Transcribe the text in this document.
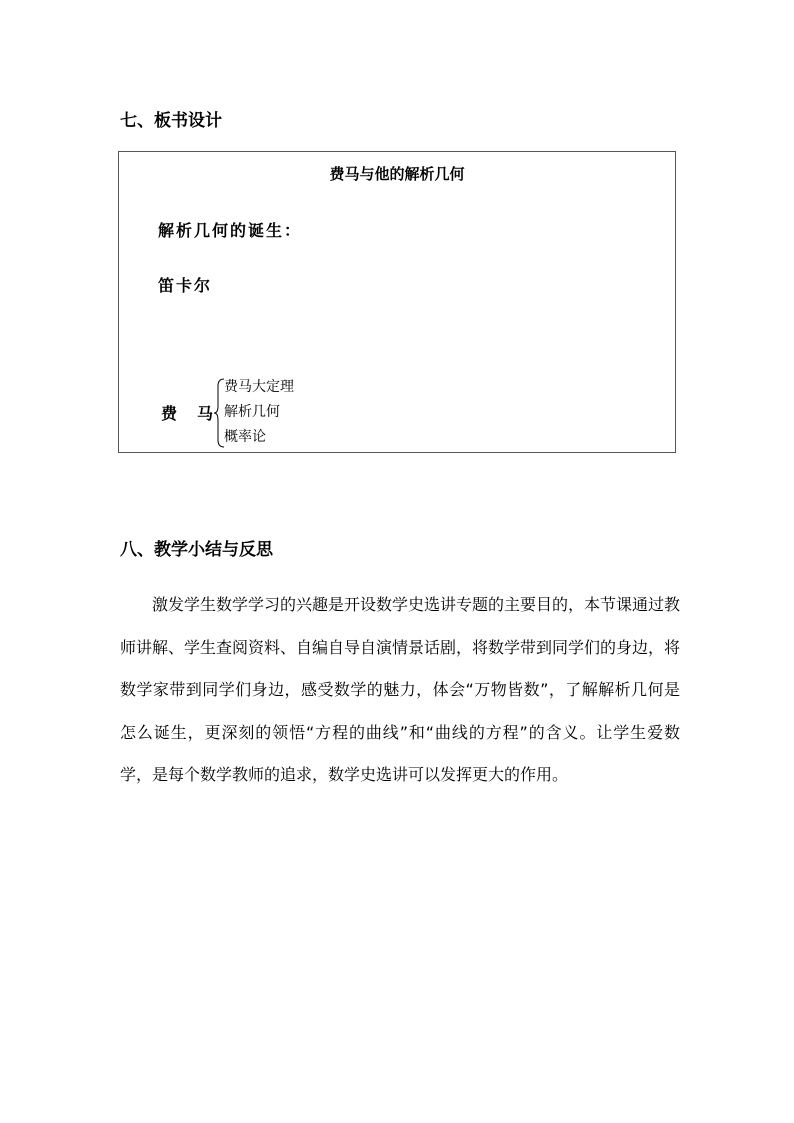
七、板书设计
费马与他的解析几何
解析几何的诞生：
笛卡尔
费 马
费马大定理
解析几何
概率论
八、教学小结与反思

激发学生数学学习的兴趣是开设数学史选讲专题的主要目的，本节课通过教师讲解、学生查阅资料、自编自导自演情景话剧，将数学带到同学们的身边，将数学家带到同学们身边，感受数学的魅力，体会“万物皆数”，了解解析几何是怎么诞生，更深刻的领悟“方程的曲线”和“曲线的方程”的含义。让学生爱数学，是每个数学教师的追求，数学史选讲可以发挥更大的作用。
